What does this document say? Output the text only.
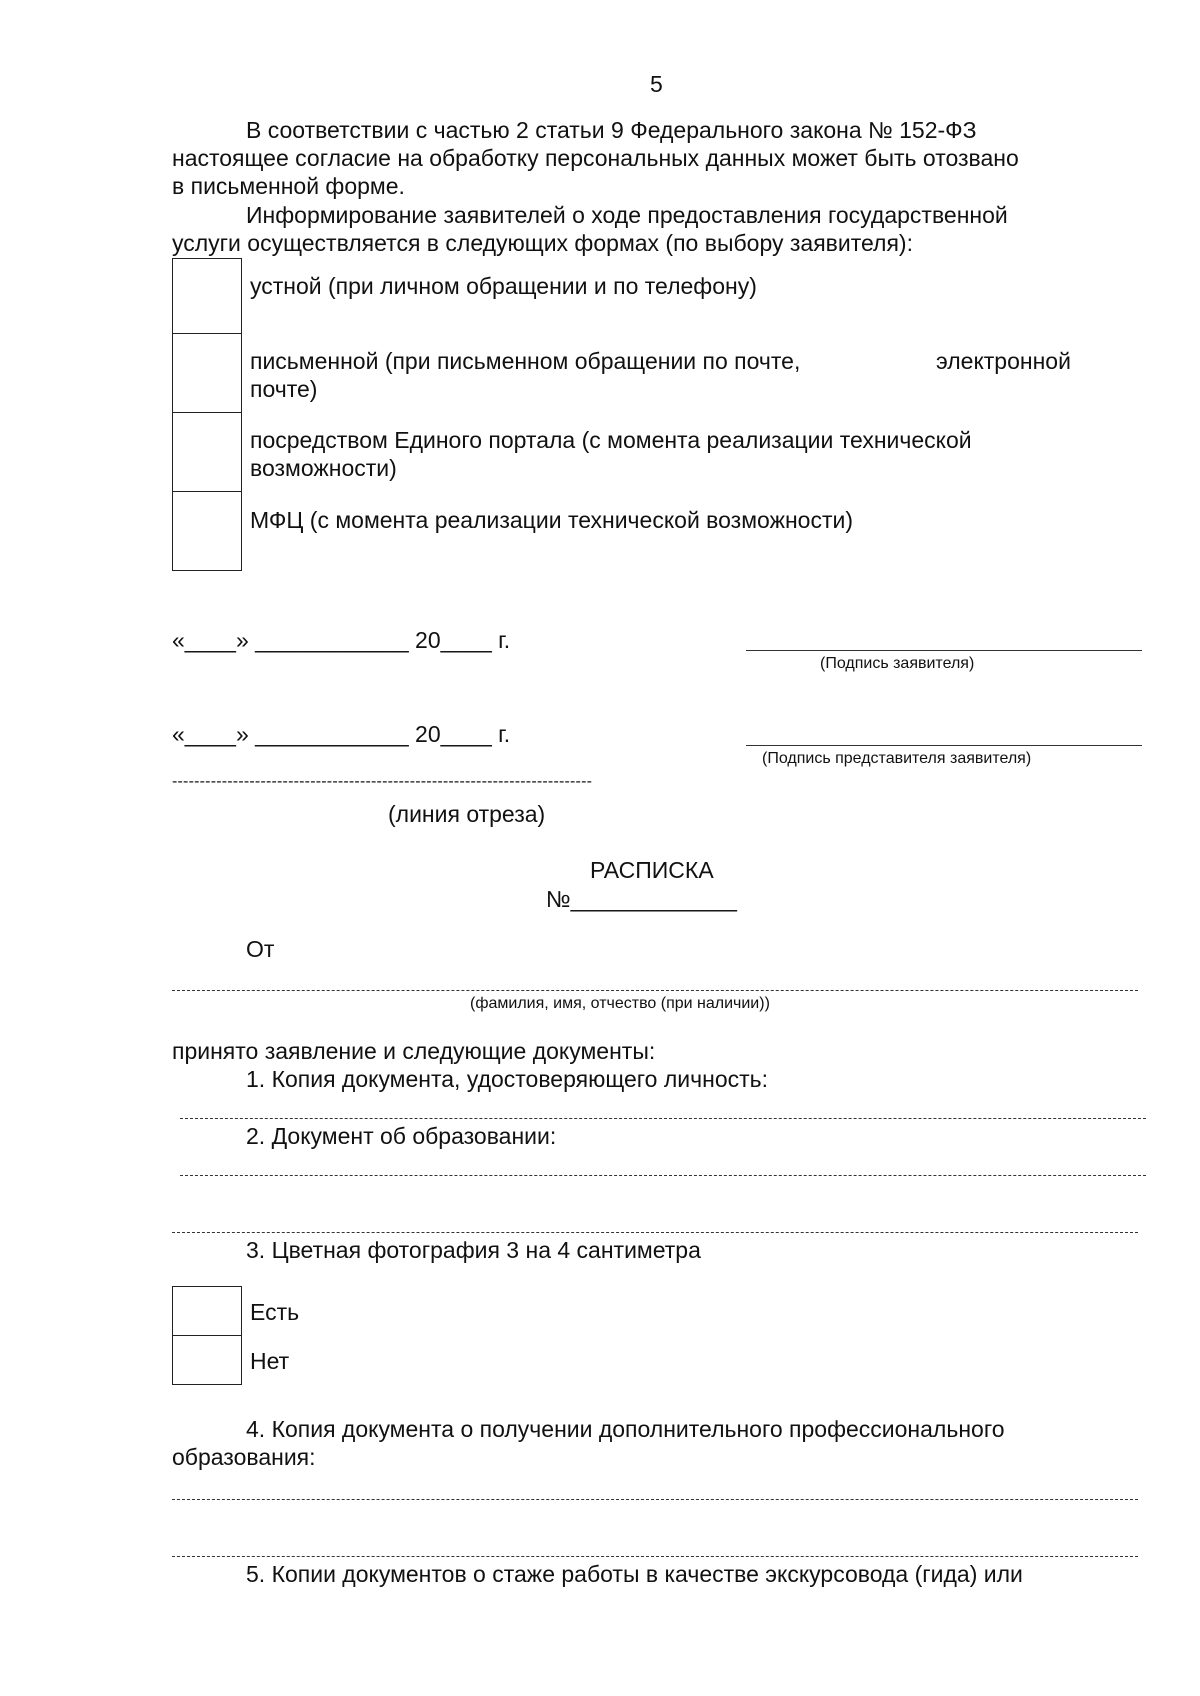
5
В соответствии с частью 2 статьи 9 Федерального закона № 152-ФЗ
настоящее согласие на обработку персональных данных может быть отозвано
в письменной форме.
Информирование заявителей о ходе предоставления государственной
услуги осуществляется в следующих формах (по выбору заявителя):
устной (при личном обращении и по телефону)
письменной (при письменном обращении по почте,	электронной
почте)
посредством Единого портала (с момента реализации технической
возможности)
МФЦ (с момента реализации технической возможности)
«____» ____________ 20____ г.
(Подпись заявителя)
«____» ____________ 20____ г.
(Подпись представителя заявителя)
----------------------------------------------------------------------------
(линия отреза)
РАСПИСКА
№_____________
От
(фамилия, имя, отчество (при наличии))
принято заявление и следующие документы:
1. Копия документа, удостоверяющего личность:
2. Документ об образовании:
3. Цветная фотография 3 на 4 сантиметра
Есть
Нет
4. Копия документа о получении дополнительного профессионального
образования:
5. Копии документов о стаже работы в качестве экскурсовода (гида) или
